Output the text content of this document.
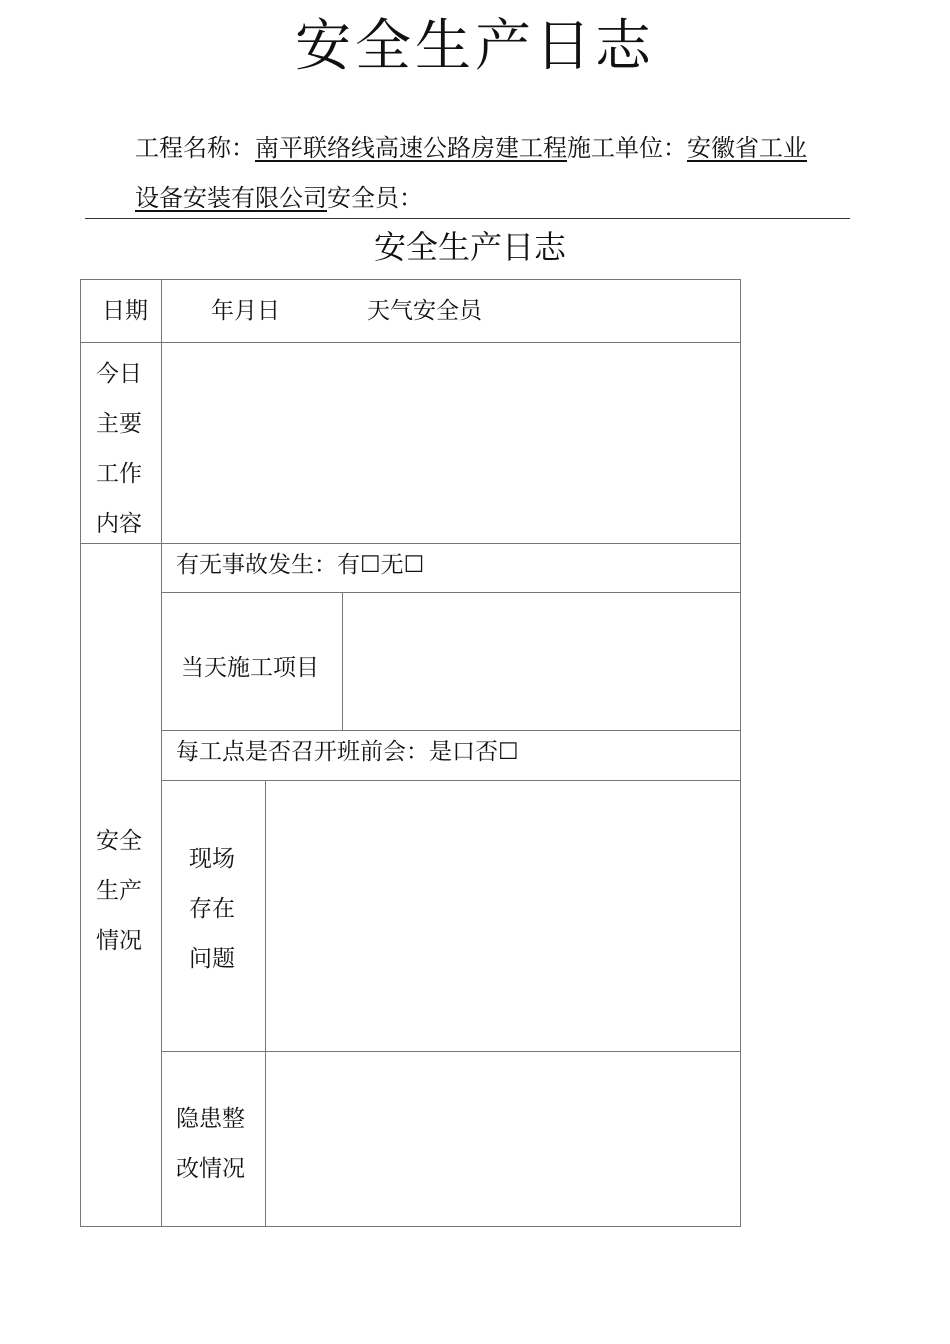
安全生产日志
工程名称：南平联络线高速公路房建工程施工单位：安徽省工业
设备安装有限公司安全员：
安全生产日志
日期	年月日	天气安全员
今日
主要
工作
内容
安全
生产
情况
有无事故发生：有☐无☐
当天施工项目
每工点是否召开班前会：是口否☐
现场
存在
问题
隐患整
改情况
